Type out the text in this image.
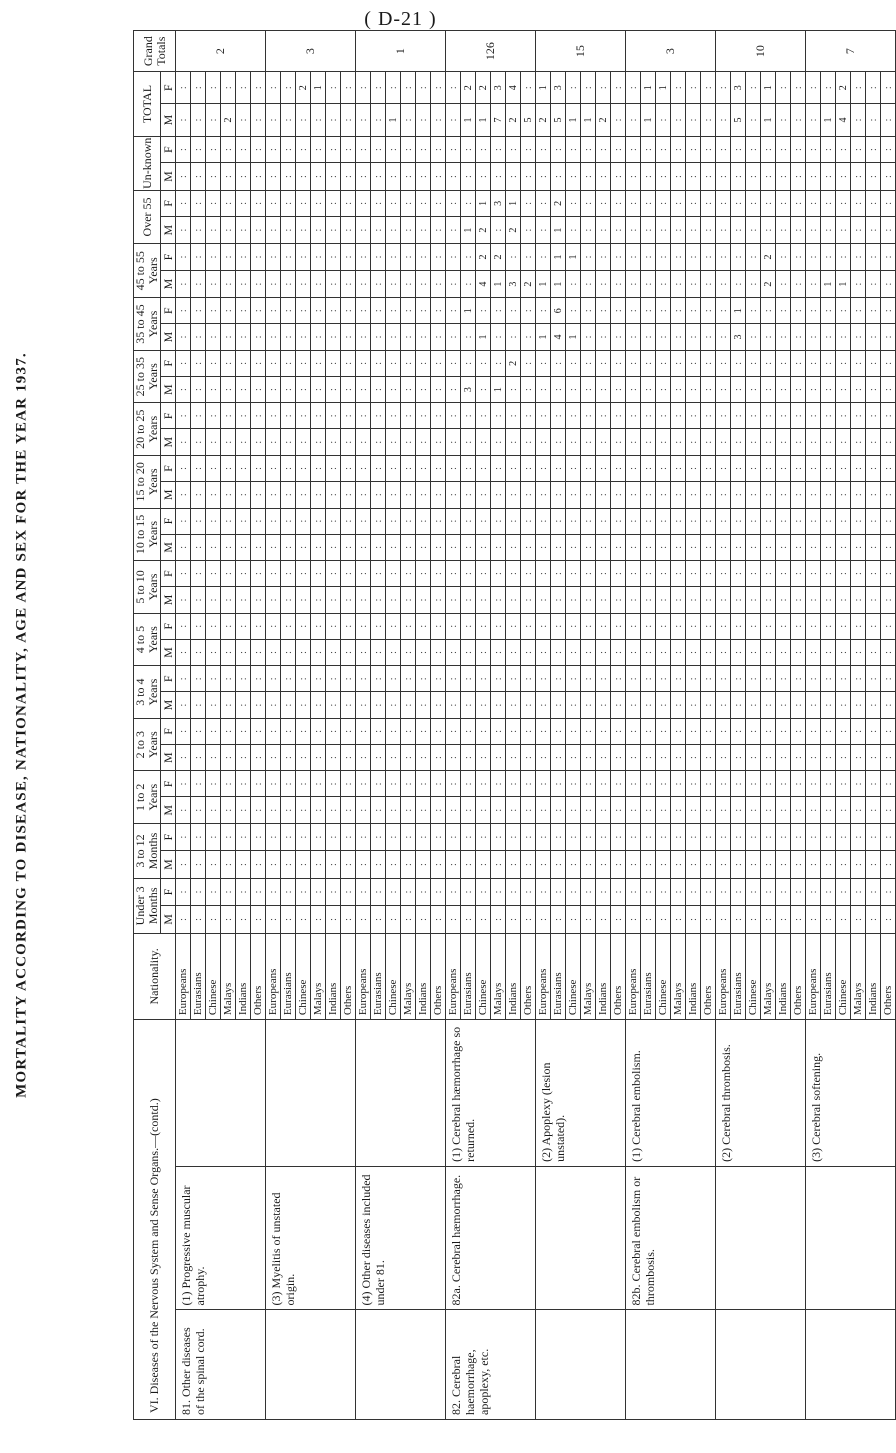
( D-21 )
MORTALITY ACCORDING TO DISEASE, NATIONALITY, AGE AND SEX FOR THE YEAR 1937.
VI. Diseases of the Nervous System and Sense Organs.—(contd.)			Nationality.	Under 3 Months		3 to 12 Months		1 to 2 Years		2 to 3 Years		3 to 4 Years		4 to 5 Years		5 to 10 Years		10 to 15 Years		15 to 20 Years		20 to 25 Years		25 to 35 Years		35 to 45 Years		45 to 55 Years		Over 55		Un-known		TOTAL		Grand Totals
				M	F	M	F	M	F	M	F	M	F	M	F	M	F	M	F	M	F	M	F	M	F	M	F	M	F	M	F	M	F	M	F	
81. Other diseases of the spinal cord.	(1) Progressive muscular atrophy.		Europeans	:	:	:	:	:	:	:	:	:	:	:	:	:	:	:	:	:	:	:	:	:	:	:	:	:	:	:	:	:	:	:	:	2
			Eurasians	:	:	:	:	:	:	:	:	:	:	:	:	:	:	:	:	:	:	:	:	:	:	:	:	:	:	:	:	:	:	:	:	
			Chinese	:	:	:	:	:	:	:	:	:	:	:	:	:	:	:	:	:	:	:	:	:	:	:	:	:	:	:	:	:	:	:	:	
			Malays	:	:	:	:	:	:	:	:	:	:	:	:	:	:	:	:	:	:	:	:	:	:	:	:	:	:	:	:	:	:	2	:	
			Indians	:	:	:	:	:	:	:	:	:	:	:	:	:	:	:	:	:	:	:	:	:	:	:	:	:	:	:	:	:	:	:	:	
			Others	:	:	:	:	:	:	:	:	:	:	:	:	:	:	:	:	:	:	:	:	:	:	:	:	:	:	:	:	:	:	:	:	
	(3) Myelitis of unstated origin.		Europeans	:	:	:	:	:	:	:	:	:	:	:	:	:	:	:	:	:	:	:	:	:	:	:	:	:	:	:	:	:	:	:	:	3
			Eurasians	:	:	:	:	:	:	:	:	:	:	:	:	:	:	:	:	:	:	:	:	:	:	:	:	:	:	:	:	:	:	:	:	
			Chinese	:	:	:	:	:	:	:	:	:	:	:	:	:	:	:	:	:	:	:	:	:	:	:	:	:	:	:	:	:	:	:	2	
			Malays	:	:	:	:	:	:	:	:	:	:	:	:	:	:	:	:	:	:	:	:	:	:	:	:	:	:	:	:	:	:	:	1	
			Indians	:	:	:	:	:	:	:	:	:	:	:	:	:	:	:	:	:	:	:	:	:	:	:	:	:	:	:	:	:	:	:	:	
			Others	:	:	:	:	:	:	:	:	:	:	:	:	:	:	:	:	:	:	:	:	:	:	:	:	:	:	:	:	:	:	:	:	
	(4) Other diseases included under 81.		Europeans	:	:	:	:	:	:	:	:	:	:	:	:	:	:	:	:	:	:	:	:	:	:	:	:	:	:	:	:	:	:	:	:	1
			Eurasians	:	:	:	:	:	:	:	:	:	:	:	:	:	:	:	:	:	:	:	:	:	:	:	:	:	:	:	:	:	:	:	:	
			Chinese	:	:	:	:	:	:	:	:	:	:	:	:	:	:	:	:	:	:	:	:	:	:	:	:	:	:	:	:	:	:	1	:	
			Malays	:	:	:	:	:	:	:	:	:	:	:	:	:	:	:	:	:	:	:	:	:	:	:	:	:	:	:	:	:	:	:	:	
			Indians	:	:	:	:	:	:	:	:	:	:	:	:	:	:	:	:	:	:	:	:	:	:	:	:	:	:	:	:	:	:	:	:	
			Others	:	:	:	:	:	:	:	:	:	:	:	:	:	:	:	:	:	:	:	:	:	:	:	:	:	:	:	:	:	:	:	:	
82. Cerebral haemorrhage, apoplexy, etc.	82a. Cerebral hæmorrhage.	(1) Cerebral hæmorrhage so returned.	Europeans	:	:	:	:	:	:	:	:	:	:	:	:	:	:	:	:	:	:	:	:	:	:	:	:	:	:	:	:	:	:	:	:	126
			Eurasians	:	:	:	:	:	:	:	:	:	:	:	:	:	:	:	:	:	:	:	:	3	:	:	1	:	:	1	:	:	:	1	2	
			Chinese	:	:	:	:	:	:	:	:	:	:	:	:	:	:	:	:	:	:	:	:	:	:	1	:	4	2	2	1	:	:	1	2	
			Malays	:	:	:	:	:	:	:	:	:	:	:	:	:	:	:	:	:	:	:	:	1	:	:	:	1	2	:	3	:	:	7	3	
			Indians	:	:	:	:	:	:	:	:	:	:	:	:	:	:	:	:	:	:	:	:	:	2	:	:	3	:	2	1	:	:	2	4	
			Others	:	:	:	:	:	:	:	:	:	:	:	:	:	:	:	:	:	:	:	:	:	:	:	:	2	:	:	:	:	:	5	:	
		(2) Apoplexy (lesion unstated).	Europeans	:	:	:	:	:	:	:	:	:	:	:	:	:	:	:	:	:	:	:	:	:	:	1	:	1	:	:	:	:	:	2	1	15
			Eurasians	:	:	:	:	:	:	:	:	:	:	:	:	:	:	:	:	:	:	:	:	:	:	4	6	1	1	1	2	:	:	5	3	
			Chinese	:	:	:	:	:	:	:	:	:	:	:	:	:	:	:	:	:	:	:	:	:	:	1	:	:	1	:	:	:	:	1	:	
			Malays	:	:	:	:	:	:	:	:	:	:	:	:	:	:	:	:	:	:	:	:	:	:	:	:	:	:	:	:	:	:	1	:	
			Indians	:	:	:	:	:	:	:	:	:	:	:	:	:	:	:	:	:	:	:	:	:	:	:	:	:	:	:	:	:	:	2	:	
			Others	:	:	:	:	:	:	:	:	:	:	:	:	:	:	:	:	:	:	:	:	:	:	:	:	:	:	:	:	:	:	:	:	
	82b. Cerebral embolism or thrombosis.	(1) Cerebral embolism.	Europeans	:	:	:	:	:	:	:	:	:	:	:	:	:	:	:	:	:	:	:	:	:	:	:	:	:	:	:	:	:	:	:	:	3
			Eurasians	:	:	:	:	:	:	:	:	:	:	:	:	:	:	:	:	:	:	:	:	:	:	:	:	:	:	:	:	:	:	1	1	
			Chinese	:	:	:	:	:	:	:	:	:	:	:	:	:	:	:	:	:	:	:	:	:	:	:	:	:	:	:	:	:	:	:	1	
			Malays	:	:	:	:	:	:	:	:	:	:	:	:	:	:	:	:	:	:	:	:	:	:	:	:	:	:	:	:	:	:	:	:	
			Indians	:	:	:	:	:	:	:	:	:	:	:	:	:	:	:	:	:	:	:	:	:	:	:	:	:	:	:	:	:	:	:	:	
			Others	:	:	:	:	:	:	:	:	:	:	:	:	:	:	:	:	:	:	:	:	:	:	:	:	:	:	:	:	:	:	:	:	
		(2) Cerebral thrombosis.	Europeans	:	:	:	:	:	:	:	:	:	:	:	:	:	:	:	:	:	:	:	:	:	:	:	:	:	:	:	:	:	:	:	:	10
			Eurasians	:	:	:	:	:	:	:	:	:	:	:	:	:	:	:	:	:	:	:	:	:	:	3	1	:	:	:	:	:	:	5	3	
			Chinese	:	:	:	:	:	:	:	:	:	:	:	:	:	:	:	:	:	:	:	:	:	:	:	:	:	:	:	:	:	:	:	:	
			Malays	:	:	:	:	:	:	:	:	:	:	:	:	:	:	:	:	:	:	:	:	:	:	:	:	2	2	:	:	:	:	1	1	
			Indians	:	:	:	:	:	:	:	:	:	:	:	:	:	:	:	:	:	:	:	:	:	:	:	:	:	:	:	:	:	:	:	:	
			Others	:	:	:	:	:	:	:	:	:	:	:	:	:	:	:	:	:	:	:	:	:	:	:	:	:	:	:	:	:	:	:	:	
		(3) Cerebral softening.	Europeans	:	:	:	:	:	:	:	:	:	:	:	:	:	:	:	:	:	:	:	:	:	:	:	:	:	:	:	:	:	:	:	:	7
			Eurasians	:	:	:	:	:	:	:	:	:	:	:	:	:	:	:	:	:	:	:	:	:	:	:	:	1	:	:	:	:	:	1	:	
			Chinese	:	:	:	:	:	:	:	:	:	:	:	:	:	:	:	:	:	:	:	:	:	:	:	:	1	:	:	:	:	:	4	2	
			Malays	:	:	:	:	:	:	:	:	:	:	:	:	:	:	:	:	:	:	:	:	:	:	:	:	:	:	:	:	:	:	:	:	
			Indians	:	:	:	:	:	:	:	:	:	:	:	:	:	:	:	:	:	:	:	:	:	:	:	:	:	:	:	:	:	:	:	:	
			Others	:	:	:	:	:	:	:	:	:	:	:	:	:	:	:	:	:	:	:	:	:	:	:	:	:	:	:	:	:	:	:	:	
